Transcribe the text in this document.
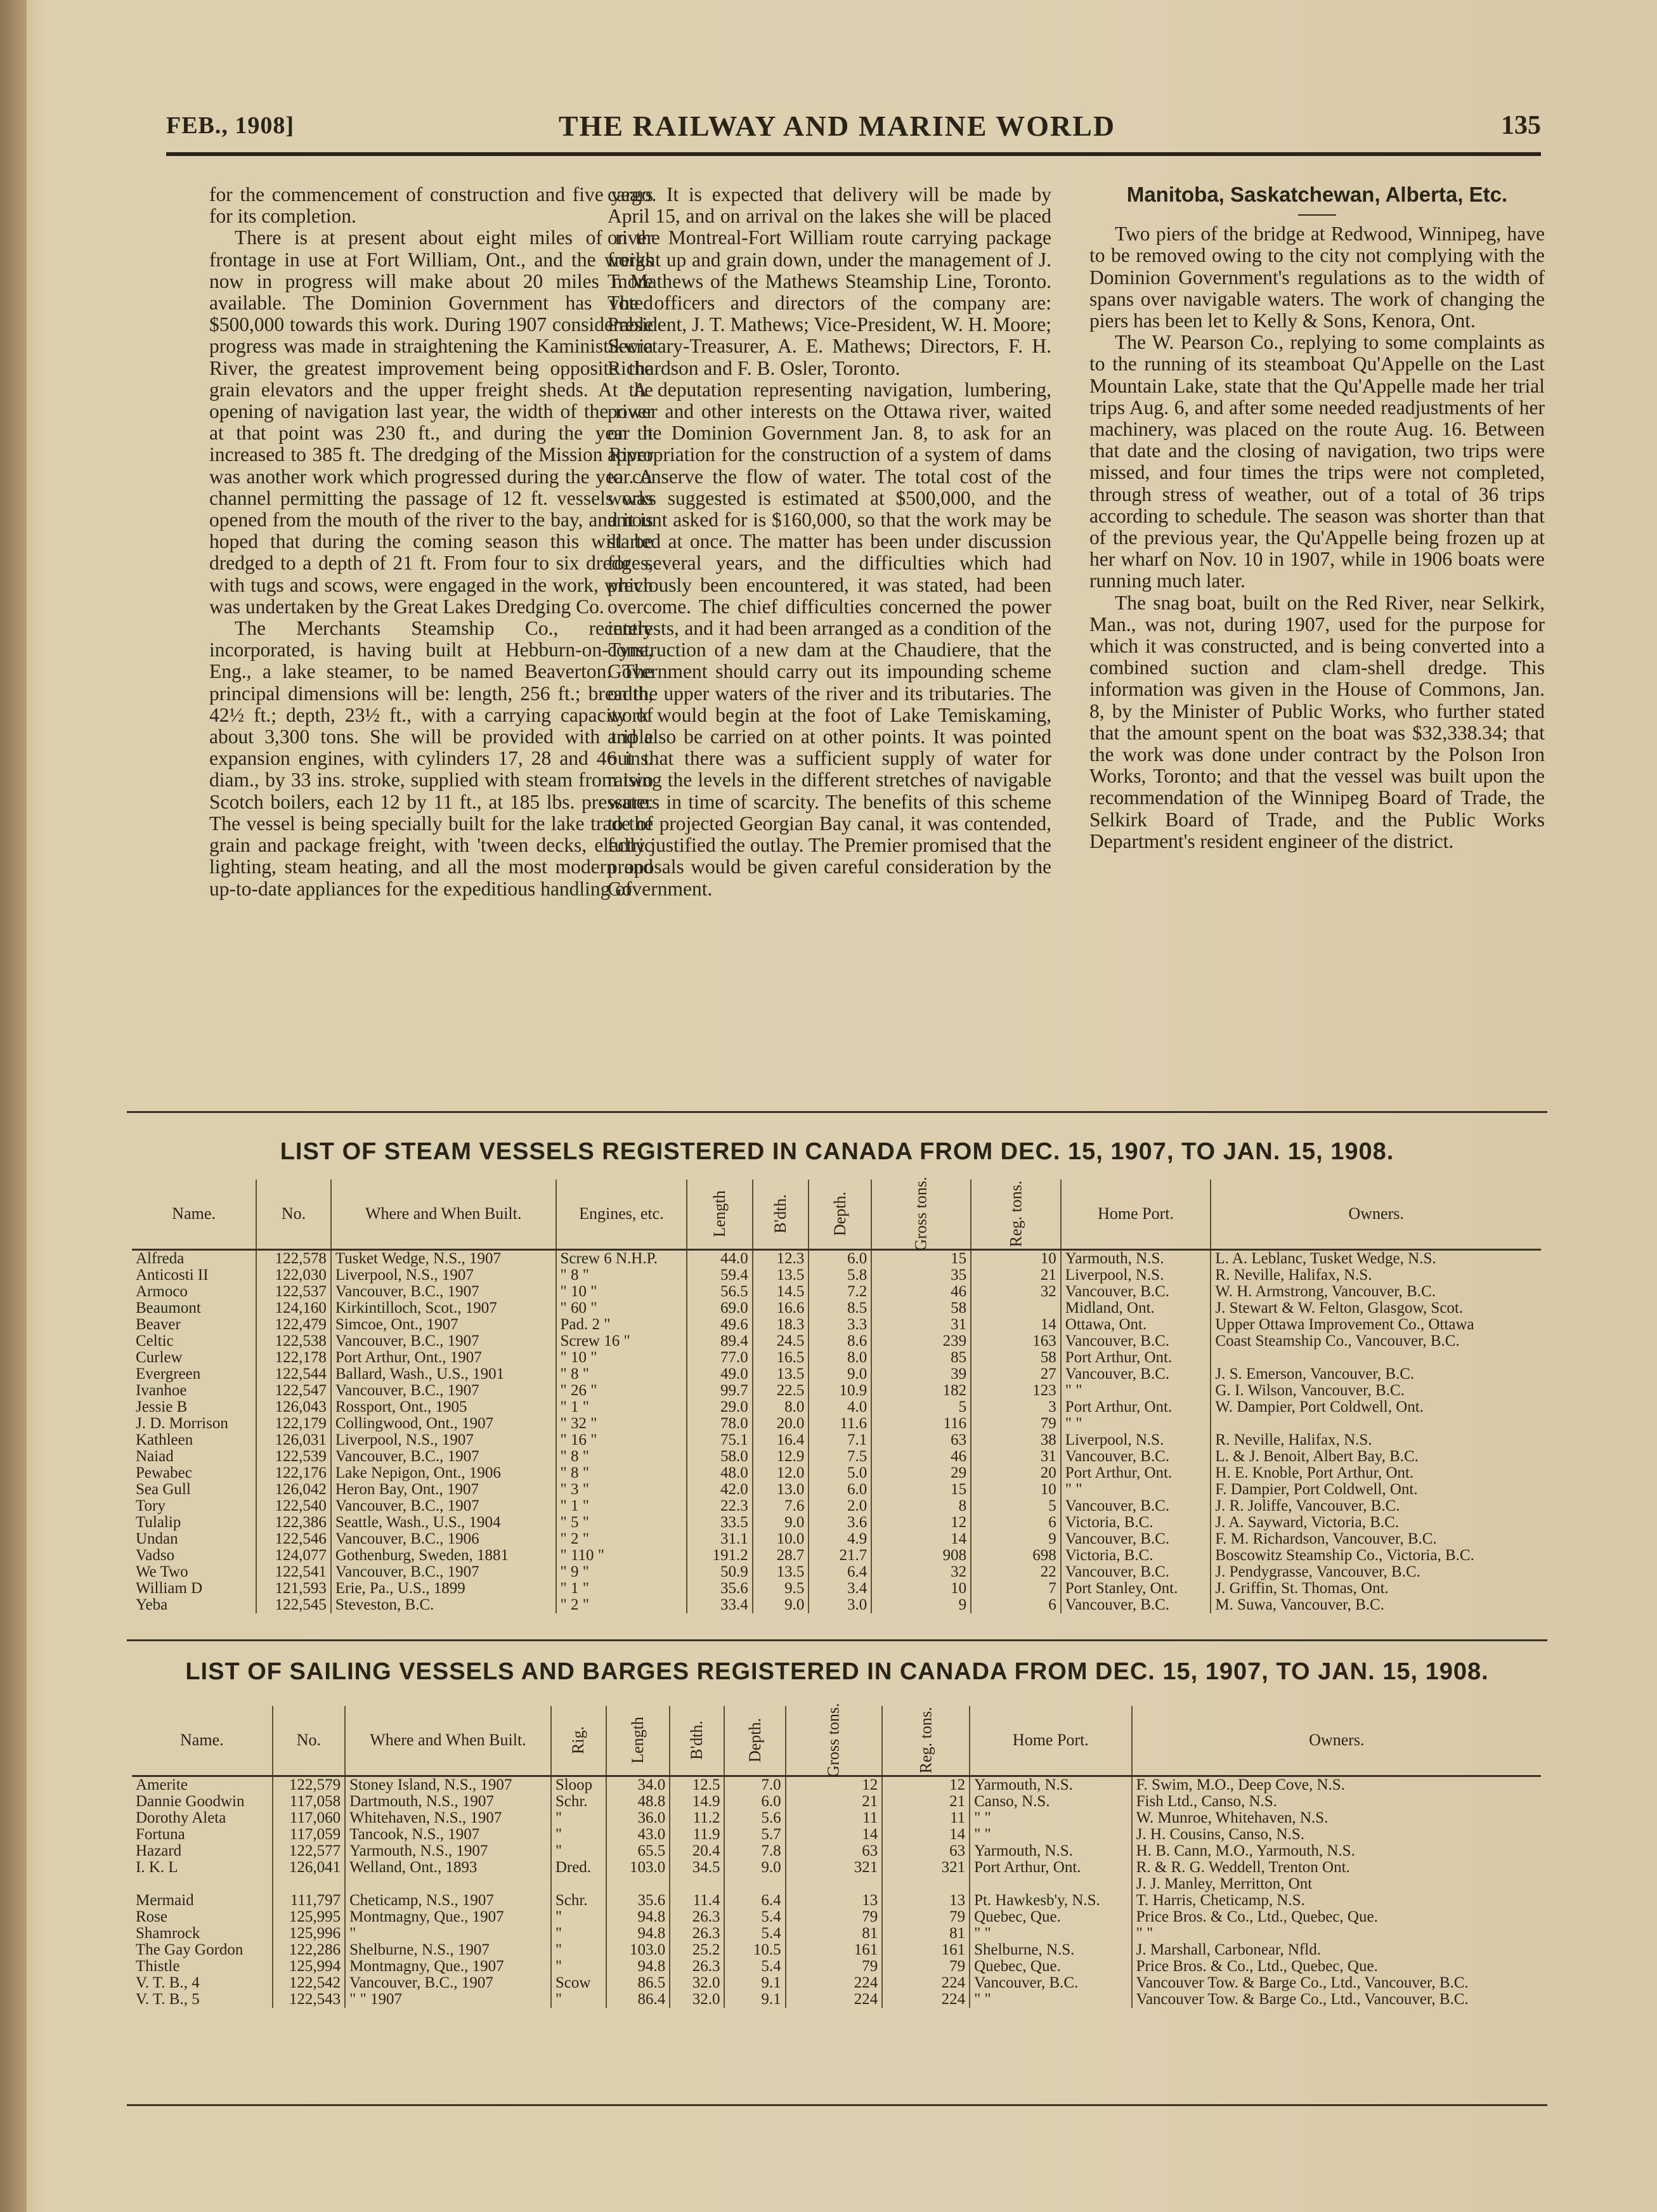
FEB., 1908]	THE RAILWAY AND MARINE WORLD	135

for the commencement of construction and five years for its completion.

There is at present about eight miles of river frontage in use at Fort William, Ont., and the works now in progress will make about 20 miles more available. The Dominion Government has voted $500,000 towards this work. During 1907 considerable progress was made in straightening the Kaministikwia River, the greatest improvement being opposite the grain elevators and the upper freight sheds. At the opening of navigation last year, the width of the river at that point was 230 ft., and during the year it increased to 385 ft. The dredging of the Mission River was another work which progressed during the year. A channel permitting the passage of 12 ft. vessels was opened from the mouth of the river to the bay, and it is hoped that during the coming season this will be dredged to a depth of 21 ft. From four to six dredges, with tugs and scows, were engaged in the work, which was undertaken by the Great Lakes Dredging Co.

The Merchants Steamship Co., recently incorporated, is having built at Hebburn-on-Tyne, Eng., a lake steamer, to be named Beaverton. The principal dimensions will be: length, 256 ft.; breadth, 42½ ft.; depth, 23½ ft., with a carrying capacity of about 3,300 tons. She will be provided with triple expansion engines, with cylinders 17, 28 and 46 ins. diam., by 33 ins. stroke, supplied with steam from two Scotch boilers, each 12 by 11 ft., at 185 lbs. pressure. The vessel is being specially built for the lake trade of grain and package freight, with 'tween decks, electric lighting, steam heating, and all the most modern and up-to-date appliances for the expeditious handling of

cargo. It is expected that delivery will be made by April 15, and on arrival on the lakes she will be placed on the Montreal-Fort William route carrying package freight up and grain down, under the management of J. T. Mathews of the Mathews Steamship Line, Toronto. The officers and directors of the company are: President, J. T. Mathews; Vice-President, W. H. Moore; Secretary-Treasurer, A. E. Mathews; Directors, F. H. Richardson and F. B. Osler, Toronto.

A deputation representing navigation, lumbering, power and other interests on the Ottawa river, waited on the Dominion Government Jan. 8, to ask for an appropriation for the construction of a system of dams to conserve the flow of water. The total cost of the works suggested is estimated at $500,000, and the amount asked for is $160,000, so that the work may be started at once. The matter has been under discussion for several years, and the difficulties which had previously been encountered, it was stated, had been overcome. The chief difficulties concerned the power interests, and it had been arranged as a condition of the construction of a new dam at the Chaudiere, that the Government should carry out its impounding scheme on the upper waters of the river and its tributaries. The work would begin at the foot of Lake Temiskaming, and also be carried on at other points. It was pointed out that there was a sufficient supply of water for raising the levels in the different stretches of navigable waters in time of scarcity. The benefits of this scheme to the projected Georgian Bay canal, it was contended, fully justified the outlay. The Premier promised that the proposals would be given careful consideration by the Government.

Manitoba, Saskatchewan, Alberta, Etc.

Two piers of the bridge at Redwood, Winnipeg, have to be removed owing to the city not complying with the Dominion Government's regulations as to the width of spans over navigable waters. The work of changing the piers has been let to Kelly & Sons, Kenora, Ont.

The W. Pearson Co., replying to some complaints as to the running of its steamboat Qu'Appelle on the Last Mountain Lake, state that the Qu'Appelle made her trial trips Aug. 6, and after some needed readjustments of her machinery, was placed on the route Aug. 16. Between that date and the closing of navigation, two trips were missed, and four times the trips were not completed, through stress of weather, out of a total of 36 trips according to schedule. The season was shorter than that of the previous year, the Qu'Appelle being frozen up at her wharf on Nov. 10 in 1907, while in 1906 boats were running much later.

The snag boat, built on the Red River, near Selkirk, Man., was not, during 1907, used for the purpose for which it was constructed, and is being converted into a combined suction and clam-shell dredge. This information was given in the House of Commons, Jan. 8, by the Minister of Public Works, who further stated that the amount spent on the boat was $32,338.34; that the work was done under contract by the Polson Iron Works, Toronto; and that the vessel was built upon the recommendation of the Winnipeg Board of Trade, the Selkirk Board of Trade, and the Public Works Department's resident engineer of the district.

LIST OF STEAM VESSELS REGISTERED IN CANADA FROM DEC. 15, 1907, TO JAN. 15, 1908.
Name.	No.	Where and When Built.	Engines, etc.	Length	B'dth.	Depth.	Gross tons.	Reg. tons.	Home Port.	Owners.
Alfreda	122,578	Tusket Wedge, N.S., 1907	Screw 6 N.H.P.	44.0	12.3	6.0	15	10	Yarmouth, N.S.	L. A. Leblanc, Tusket Wedge, N.S.
Anticosti II	122,030	Liverpool, N.S., 1907	" 8 "	59.4	13.5	5.8	35	21	Liverpool, N.S.	R. Neville, Halifax, N.S.
Armoco	122,537	Vancouver, B.C., 1907	" 10 "	56.5	14.5	7.2	46	32	Vancouver, B.C.	W. H. Armstrong, Vancouver, B.C.
Beaumont	124,160	Kirkintilloch, Scot., 1907	" 60 "	69.0	16.6	8.5	58		Midland, Ont.	J. Stewart & W. Felton, Glasgow, Scot.
Beaver	122,479	Simcoe, Ont., 1907	Pad. 2 "	49.6	18.3	3.3	31	14	Ottawa, Ont.	Upper Ottawa Improvement Co., Ottawa
Celtic	122,538	Vancouver, B.C., 1907	Screw 16 "	89.4	24.5	8.6	239	163	Vancouver, B.C.	Coast Steamship Co., Vancouver, B.C.
Curlew	122,178	Port Arthur, Ont., 1907	" 10 "	77.0	16.5	8.0	85	58	Port Arthur, Ont.	
Evergreen	122,544	Ballard, Wash., U.S., 1901	" 8 "	49.0	13.5	9.0	39	27	Vancouver, B.C.	J. S. Emerson, Vancouver, B.C.
Ivanhoe	122,547	Vancouver, B.C., 1907	" 26 "	99.7	22.5	10.9	182	123	" "	G. I. Wilson, Vancouver, B.C.
Jessie B	126,043	Rossport, Ont., 1905	" 1 "	29.0	8.0	4.0	5	3	Port Arthur, Ont.	W. Dampier, Port Coldwell, Ont.
J. D. Morrison	122,179	Collingwood, Ont., 1907	" 32 "	78.0	20.0	11.6	116	79	" "	
Kathleen	126,031	Liverpool, N.S., 1907	" 16 "	75.1	16.4	7.1	63	38	Liverpool, N.S.	R. Neville, Halifax, N.S.
Naiad	122,539	Vancouver, B.C., 1907	" 8 "	58.0	12.9	7.5	46	31	Vancouver, B.C.	L. & J. Benoit, Albert Bay, B.C.
Pewabec	122,176	Lake Nepigon, Ont., 1906	" 8 "	48.0	12.0	5.0	29	20	Port Arthur, Ont.	H. E. Knoble, Port Arthur, Ont.
Sea Gull	126,042	Heron Bay, Ont., 1907	" 3 "	42.0	13.0	6.0	15	10	" "	F. Dampier, Port Coldwell, Ont.
Tory	122,540	Vancouver, B.C., 1907	" 1 "	22.3	7.6	2.0	8	5	Vancouver, B.C.	J. R. Joliffe, Vancouver, B.C.
Tulalip	122,386	Seattle, Wash., U.S., 1904	" 5 "	33.5	9.0	3.6	12	6	Victoria, B.C.	J. A. Sayward, Victoria, B.C.
Undan	122,546	Vancouver, B.C., 1906	" 2 "	31.1	10.0	4.9	14	9	Vancouver, B.C.	F. M. Richardson, Vancouver, B.C.
Vadso	124,077	Gothenburg, Sweden, 1881	" 110 "	191.2	28.7	21.7	908	698	Victoria, B.C.	Boscowitz Steamship Co., Victoria, B.C.
We Two	122,541	Vancouver, B.C., 1907	" 9 "	50.9	13.5	6.4	32	22	Vancouver, B.C.	J. Pendygrasse, Vancouver, B.C.
William D	121,593	Erie, Pa., U.S., 1899	" 1 "	35.6	9.5	3.4	10	7	Port Stanley, Ont.	J. Griffin, St. Thomas, Ont.
Yeba	122,545	Steveston, B.C.	" 2 "	33.4	9.0	3.0	9	6	Vancouver, B.C.	M. Suwa, Vancouver, B.C.
LIST OF SAILING VESSELS AND BARGES REGISTERED IN CANADA FROM DEC. 15, 1907, TO JAN. 15, 1908.
Name.	No.	Where and When Built.	Rig.	Length	B'dth.	Depth.	Gross tons.	Reg. tons.	Home Port.	Owners.
Amerite	122,579	Stoney Island, N.S., 1907	Sloop	34.0	12.5	7.0	12	12	Yarmouth, N.S.	F. Swim, M.O., Deep Cove, N.S.
Dannie Goodwin	117,058	Dartmouth, N.S., 1907	Schr.	48.8	14.9	6.0	21	21	Canso, N.S.	Fish Ltd., Canso, N.S.
Dorothy Aleta	117,060	Whitehaven, N.S., 1907	"	36.0	11.2	5.6	11	11	" "	W. Munroe, Whitehaven, N.S.
Fortuna	117,059	Tancook, N.S., 1907	"	43.0	11.9	5.7	14	14	" "	J. H. Cousins, Canso, N.S.
Hazard	122,577	Yarmouth, N.S., 1907	"	65.5	20.4	7.8	63	63	Yarmouth, N.S.	H. B. Cann, M.O., Yarmouth, N.S.
I. K. L	126,041	Welland, Ont., 1893	Dred.	103.0	34.5	9.0	321	321	Port Arthur, Ont.	R. & R. G. Weddell, Trenton Ont.
										J. J. Manley, Merritton, Ont
Mermaid	111,797	Cheticamp, N.S., 1907	Schr.	35.6	11.4	6.4	13	13	Pt. Hawkesb'y, N.S.	T. Harris, Cheticamp, N.S.
Rose	125,995	Montmagny, Que., 1907	"	94.8	26.3	5.4	79	79	Quebec, Que.	Price Bros. & Co., Ltd., Quebec, Que.
Shamrock	125,996	"	"	94.8	26.3	5.4	81	81	" "	" "
The Gay Gordon	122,286	Shelburne, N.S., 1907	"	103.0	25.2	10.5	161	161	Shelburne, N.S.	J. Marshall, Carbonear, Nfld.
Thistle	125,994	Montmagny, Que., 1907	"	94.8	26.3	5.4	79	79	Quebec, Que.	Price Bros. & Co., Ltd., Quebec, Que.
V. T. B., 4	122,542	Vancouver, B.C., 1907	Scow	86.5	32.0	9.1	224	224	Vancouver, B.C.	Vancouver Tow. & Barge Co., Ltd., Vancouver, B.C.
V. T. B., 5	122,543	" " 1907	"	86.4	32.0	9.1	224	224	" "	Vancouver Tow. & Barge Co., Ltd., Vancouver, B.C.
